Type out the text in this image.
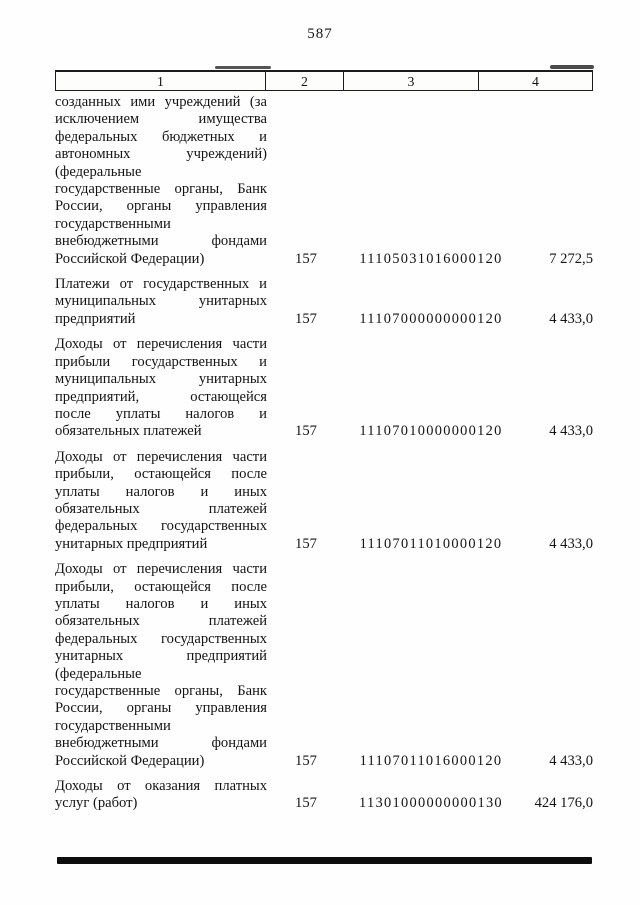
587
1	2	3	4
созданных ими учреждений (за
исключением имущества
федеральных бюджетных и
автономных учреждений)
(федеральные
государственные органы, Банк
России, органы управления
государственными
внебюджетными фондами
Российской Федерации)	157	11105031016000120	7 272,5
Платежи от государственных и
муниципальных унитарных
предприятий	157	11107000000000120	4 433,0
Доходы от перечисления части
прибыли государственных и
муниципальных унитарных
предприятий, остающейся
после уплаты налогов и
обязательных платежей	157	11107010000000120	4 433,0
Доходы от перечисления части
прибыли, остающейся после
уплаты налогов и иных
обязательных платежей
федеральных государственных
унитарных предприятий	157	11107011010000120	4 433,0
Доходы от перечисления части
прибыли, остающейся после
уплаты налогов и иных
обязательных платежей
федеральных государственных
унитарных предприятий
(федеральные
государственные органы, Банк
России, органы управления
государственными
внебюджетными фондами
Российской Федерации)	157	11107011016000120	4 433,0
Доходы от оказания платных
услуг (работ)	157	11301000000000130	424 176,0
